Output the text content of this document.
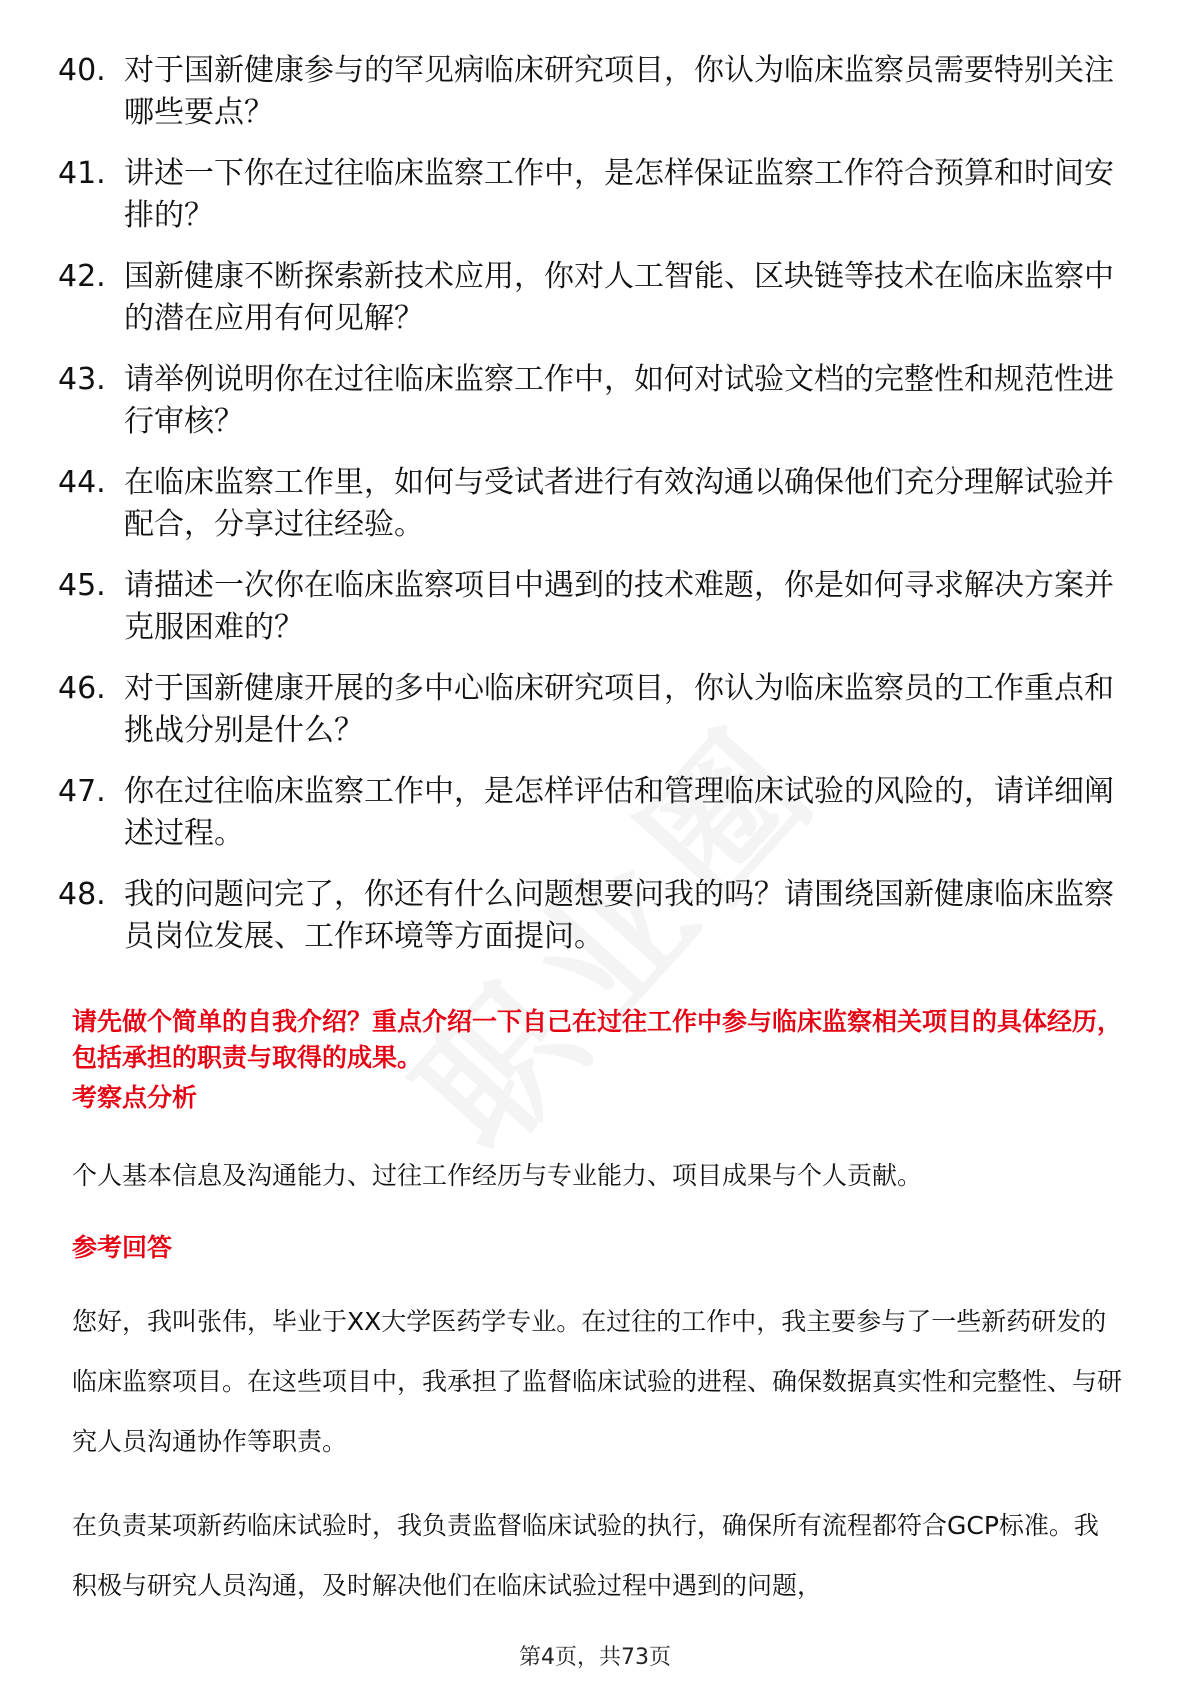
40. 对于国新健康参与的罕见病临床研究项目，你认为临床监察员需要特别关注哪些要点？
41. 讲述一下你在过往临床监察工作中，是怎样保证监察工作符合预算和时间安排的？
42. 国新健康不断探索新技术应用，你对人工智能、区块链等技术在临床监察中的潜在应用有何见解？
43. 请举例说明你在过往临床监察工作中，如何对试验文档的完整性和规范性进行审核？
44. 在临床监察工作里，如何与受试者进行有效沟通以确保他们充分理解试验并配合，分享过往经验。
45. 请描述一次你在临床监察项目中遇到的技术难题，你是如何寻求解决方案并克服困难的？
46. 对于国新健康开展的多中心临床研究项目，你认为临床监察员的工作重点和挑战分别是什么？
47. 你在过往临床监察工作中，是怎样评估和管理临床试验的风险的，请详细阐述过程。
48. 我的问题问完了，你还有什么问题想要问我的吗？请围绕国新健康临床监察员岗位发展、工作环境等方面提问。
请先做个简单的自我介绍？重点介绍一下自己在过往工作中参与临床监察相关项目的具体经历，包括承担的职责与取得的成果。
考察点分析
个人基本信息及沟通能力、过往工作经历与专业能力、项目成果与个人贡献。
参考回答
您好，我叫张伟，毕业于XX大学医药学专业。在过往的工作中，我主要参与了一些新药研发的临床监察项目。在这些项目中，我承担了监督临床试验的进程、确保数据真实性和完整性、与研究人员沟通协作等职责。
在负责某项新药临床试验时，我负责监督临床试验的执行，确保所有流程都符合GCP标准。我积极与研究人员沟通，及时解决他们在临床试验过程中遇到的问题，
第4页，共73页
